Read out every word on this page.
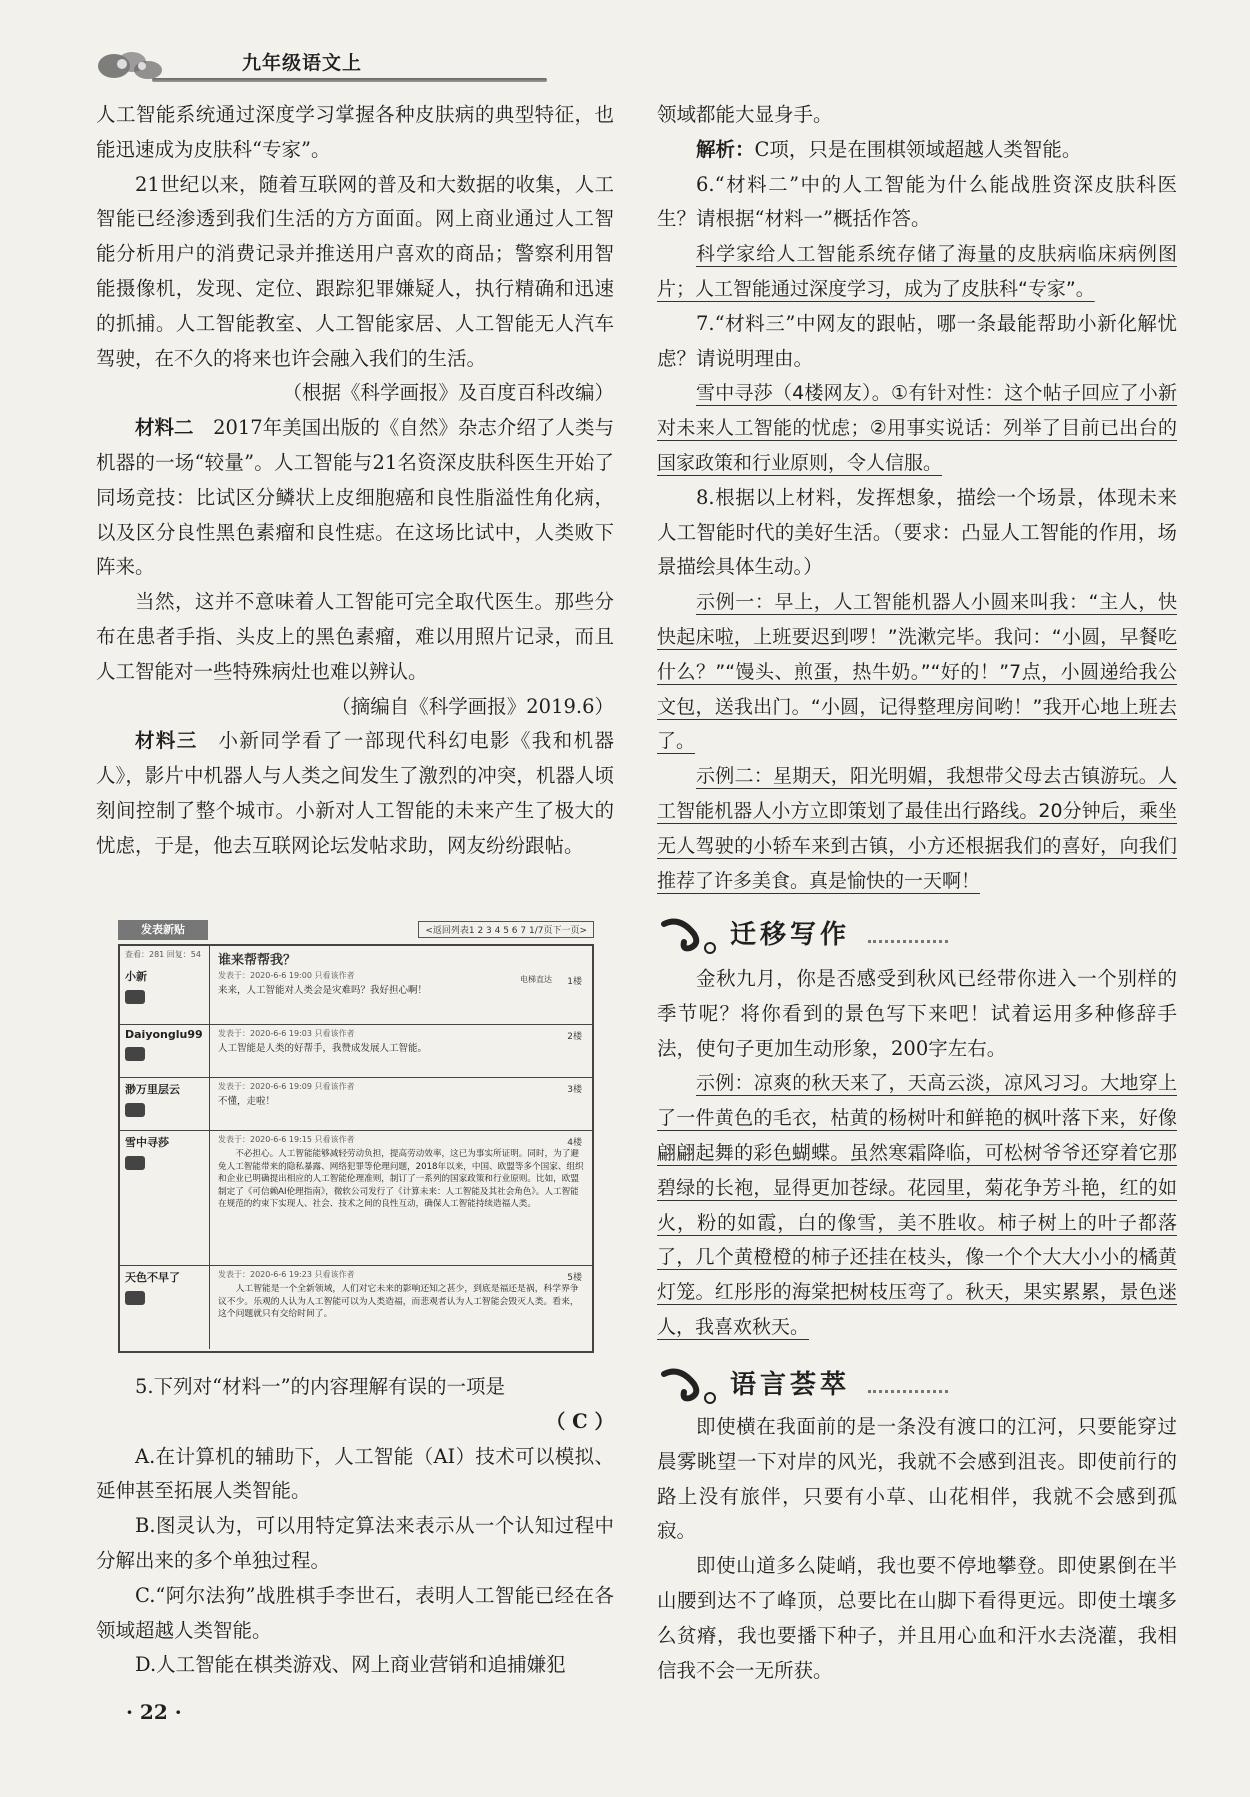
九年级语文上

人工智能系统通过深度学习掌握各种皮肤病的典型特征，也能迅速成为皮肤科“专家”。

21世纪以来，随着互联网的普及和大数据的收集，人工智能已经渗透到我们生活的方方面面。网上商业通过人工智能分析用户的消费记录并推送用户喜欢的商品；警察利用智能摄像机，发现、定位、跟踪犯罪嫌疑人，执行精确和迅速的抓捕。人工智能教室、人工智能家居、人工智能无人汽车驾驶，在不久的将来也许会融入我们的生活。

（根据《科学画报》及百度百科改编）

材料二　 2017年美国出版的《自然》杂志介绍了人类与机器的一场“较量”。人工智能与21名资深皮肤科医生开始了同场竞技：比试区分鳞状上皮细胞癌和良性脂溢性角化病，以及区分良性黑色素瘤和良性痣。在这场比试中，人类败下阵来。

当然，这并不意味着人工智能可完全取代医生。那些分布在患者手指、头皮上的黑色素瘤，难以用照片记录，而且人工智能对一些特殊病灶也难以辨认。

（摘编自《科学画报》2019.6）

材料三　 小新同学看了一部现代科幻电影《我和机器人》，影片中机器人与人类之间发生了激烈的冲突，机器人顷刻间控制了整个城市。小新对人工智能的未来产生了极大的忧虑，于是，他去互联网论坛发帖求助，网友纷纷跟帖。

发表新贴	<返回列表1 2 3 4 5 6 7 1/7页下一页>
查看：281 回复：54
小新
谁来帮帮我？
发表于：2020-6-6 19:00 只看该作者	电梯直达 1楼
来来，人工智能对人类会是灾难吗？我好担心啊！
Daiyonglu99 发表于：2020-6-6 19:03 只看该作者	2楼
人工智能是人类的好帮手，我赞成发展人工智能。
渺万里层云	发表于：2020-6-6 19:09 只看该作者	3楼
不懂，走啦！
雪中寻莎	发表于：2020-6-6 19:15 只看该作者	4楼
不必担心。人工智能能够减轻劳动负担，提高劳动效率，这已为事实所证明。同时，为了避免人工智能带来的隐私暴露、网络犯罪等伦理问题，2018年以来，中国、欧盟等多个国家、组织和企业已明确提出相应的人工智能伦理准则，制订了一系列的国家政策和行业原则。比如，欧盟制定了《可信赖AI伦理指南》，微软公司发行了《计算未来：人工智能及其社会角色》。人工智能在规范的约束下实现人、社会、技术之间的良性互动，确保人工智能持续造福人类。
天色不早了	发表于：2020-6-6 19:23 只看该作者	5楼
人工智能是一个全新领域，人们对它未来的影响还知之甚少，到底是福还是祸，科学界争议不少。乐观的人认为人工智能可以为人类造福，而悲观者认为人工智能会毁灭人类。看来，这个问题就只有交给时间了。

5.下列对“材料一”的内容理解有误的一项是

（ C ）

A.在计算机的辅助下，人工智能（AI）技术可以模拟、延伸甚至拓展人类智能。

B.图灵认为，可以用特定算法来表示从一个认知过程中分解出来的多个单独过程。

C.“阿尔法狗”战胜棋手李世石，表明人工智能已经在各领域超越人类智能。

D.人工智能在棋类游戏、网上商业营销和追捕嫌犯

领域都能大显身手。

解析：C项，只是在围棋领域超越人类智能。

6.“材料二”中的人工智能为什么能战胜资深皮肤科医生？请根据“材料一”概括作答。

科学家给人工智能系统存储了海量的皮肤病临床病例图片；人工智能通过深度学习，成为了皮肤科“专家”。

7.“材料三”中网友的跟帖，哪一条最能帮助小新化解忧虑？请说明理由。

雪中寻莎（4楼网友）。①有针对性：这个帖子回应了小新对未来人工智能的忧虑；②用事实说话：列举了目前已出台的国家政策和行业原则，令人信服。

8.根据以上材料，发挥想象，描绘一个场景，体现未来人工智能时代的美好生活。（要求：凸显人工智能的作用，场景描绘具体生动。）

示例一：早上，人工智能机器人小圆来叫我：“主人，快快起床啦，上班要迟到啰！”洗漱完毕。我问：“小圆，早餐吃什么？”“馒头、煎蛋，热牛奶。”“好的！”7点，小圆递给我公文包，送我出门。“小圆，记得整理房间哟！”我开心地上班去了。

示例二：星期天，阳光明媚，我想带父母去古镇游玩。人工智能机器人小方立即策划了最佳出行路线。20分钟后，乘坐无人驾驶的小轿车来到古镇，小方还根据我们的喜好，向我们推荐了许多美食。真是愉快的一天啊！

迁移写作

金秋九月，你是否感受到秋风已经带你进入一个别样的季节呢？将你看到的景色写下来吧！试着运用多种修辞手法，使句子更加生动形象，200字左右。

示例：凉爽的秋天来了，天高云淡，凉风习习。大地穿上了一件黄色的毛衣，枯黄的杨树叶和鲜艳的枫叶落下来，好像翩翩起舞的彩色蝴蝶。虽然寒霜降临，可松树爷爷还穿着它那碧绿的长袍，显得更加苍绿。花园里，菊花争芳斗艳，红的如火，粉的如霞，白的像雪，美不胜收。柿子树上的叶子都落了，几个黄橙橙的柿子还挂在枝头，像一个个大大小小的橘黄灯笼。红彤彤的海棠把树枝压弯了。秋天，果实累累，景色迷人，我喜欢秋天。

语言荟萃

即使横在我面前的是一条没有渡口的江河，只要能穿过晨雾眺望一下对岸的风光，我就不会感到沮丧。即使前行的路上没有旅伴，只要有小草、山花相伴，我就不会感到孤寂。

即使山道多么陡峭，我也要不停地攀登。即使累倒在半山腰到达不了峰顶，总要比在山脚下看得更远。即使土壤多么贫瘠，我也要播下种子，并且用心血和汗水去浇灌，我相信我不会一无所获。

· 22 ·
